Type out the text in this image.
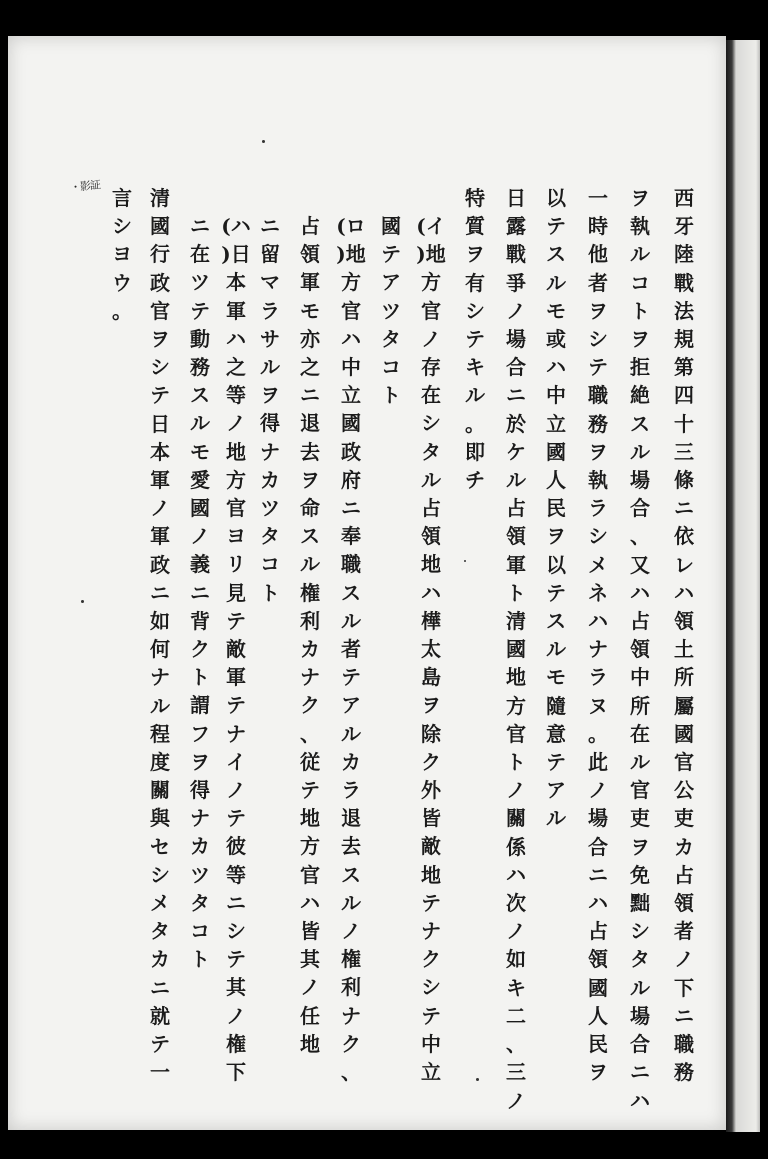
西牙陸戰法規第四十三條ニ依レハ領土所屬國官公吏カ占領者ノ下ニ職務
ヲ執ルコトヲ拒絶スル場合、又ハ占領中所在ル官吏ヲ免黜シタル場合ニハ
一時他者ヲシテ職務ヲ執ラシメネハナラヌ。此ノ場合ニハ占領國人民ヲ
以テスルモ或ハ中立國人民ヲ以テスルモ隨意テアル
日露戰爭ノ場合ニ於ケル占領軍ト清國地方官トノ關係ハ次ノ如キ二、三ノ
特質ヲ有シテキル。即チ
(イ)地方官ノ存在シタル占領地ハ樺太島ヲ除ク外皆敵地テナクシテ中立
國テアツタコト
(ロ)地方官ハ中立國政府ニ奉職スル者テアルカラ退去スルノ権利ナク、
占領軍モ亦之ニ退去ヲ命スル権利カナク、従テ地方官ハ皆其ノ任地
ニ留マラサルヲ得ナカツタコト
(ハ)日本軍ハ之等ノ地方官ヨリ見テ敵軍テナイノテ彼等ニシテ其ノ権下
ニ在ツテ動務スルモ愛國ノ義ニ背クト謂フヲ得ナカツタコト
清國行政官ヲシテ日本軍ノ軍政ニ如何ナル程度關與セシメタカニ就テ一
言シヨウ。
・影証
